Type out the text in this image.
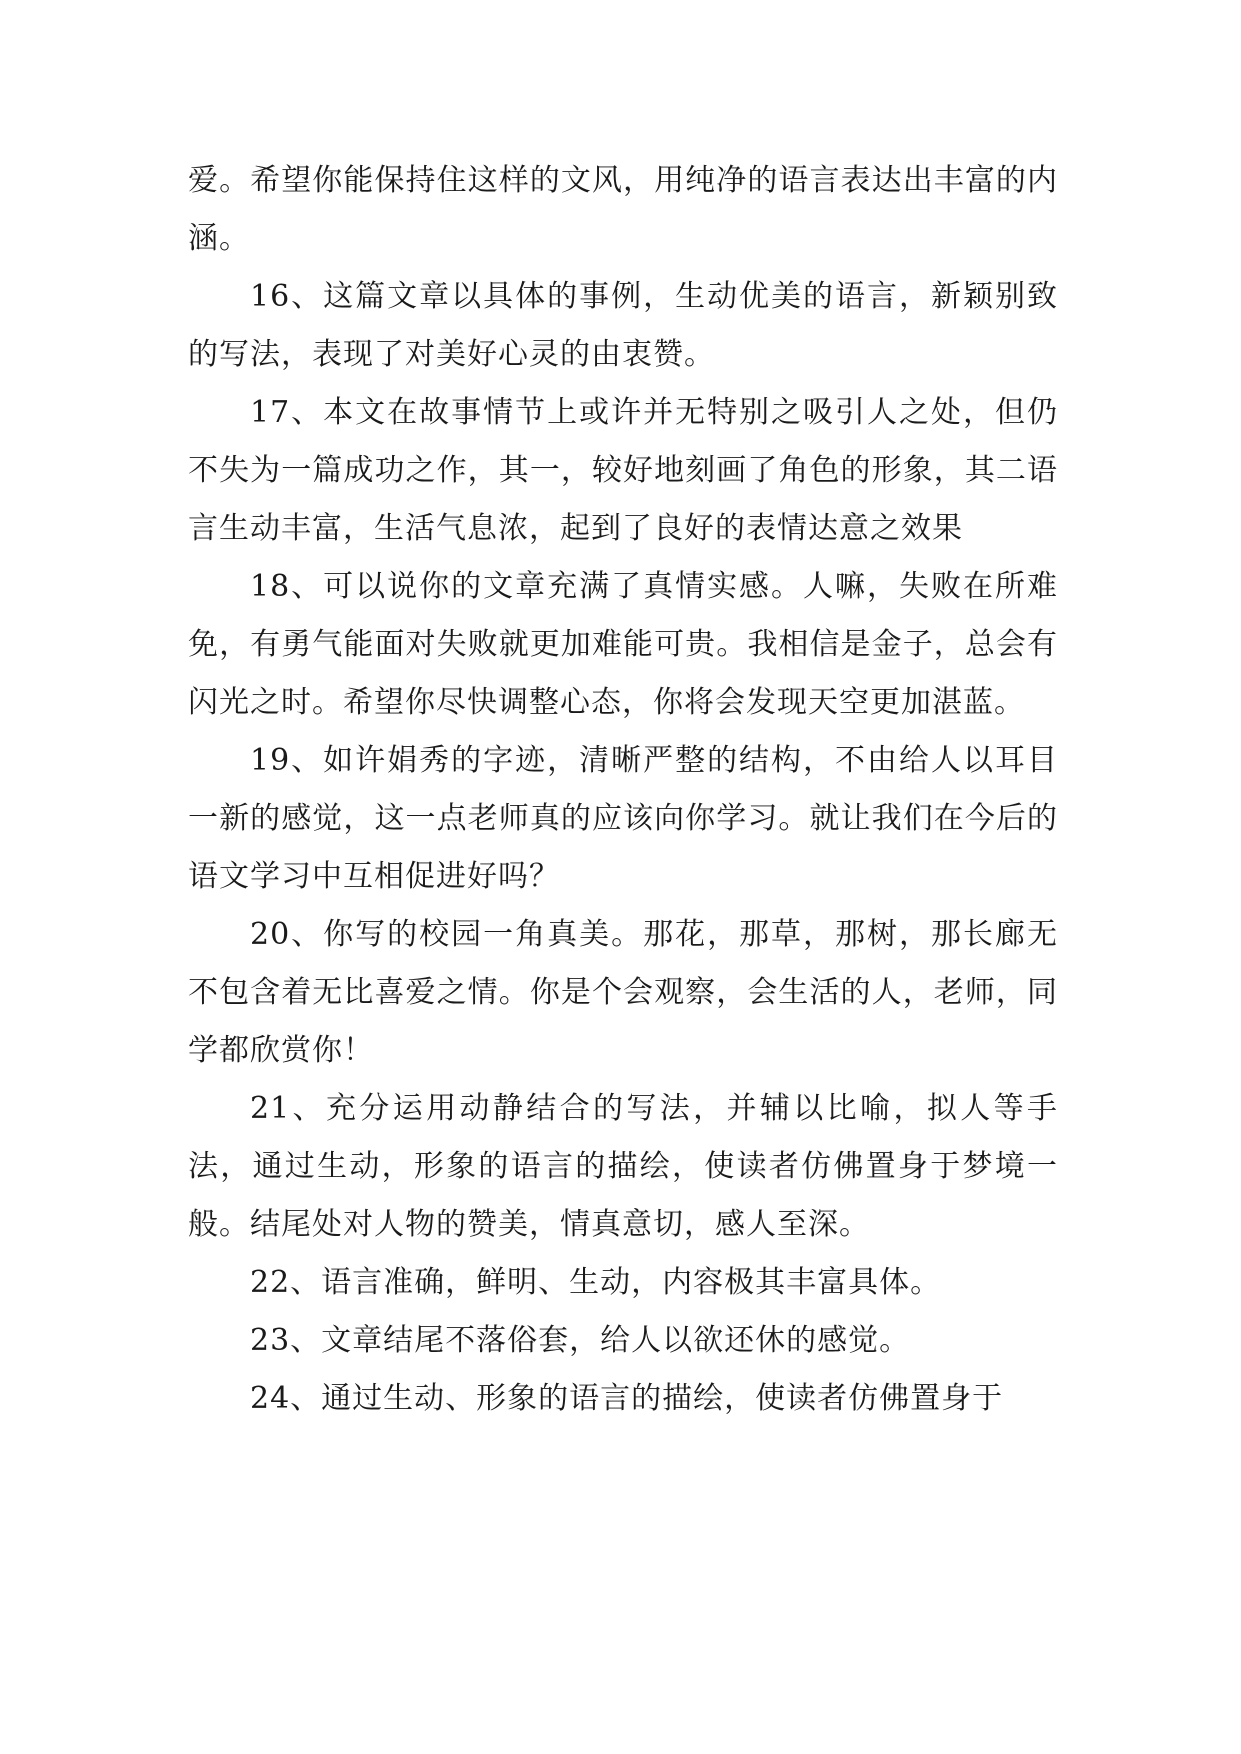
爱。希望你能保持住这样的文风，用纯净的语言表达出丰富的内涵。

16、这篇文章以具体的事例，生动优美的语言，新颖别致的写法，表现了对美好心灵的由衷赞。

17、本文在故事情节上或许并无特别之吸引人之处，但仍不失为一篇成功之作，其一，较好地刻画了角色的形象，其二语言生动丰富，生活气息浓，起到了良好的表情达意之效果

18、可以说你的文章充满了真情实感。人嘛，失败在所难免，有勇气能面对失败就更加难能可贵。我相信是金子，总会有闪光之时。希望你尽快调整心态，你将会发现天空更加湛蓝。

19、如许娟秀的字迹，清晰严整的结构，不由给人以耳目一新的感觉，这一点老师真的应该向你学习。就让我们在今后的语文学习中互相促进好吗？

20、你写的校园一角真美。那花，那草，那树，那长廊无不包含着无比喜爱之情。你是个会观察，会生活的人，老师，同学都欣赏你！

21、充分运用动静结合的写法，并辅以比喻，拟人等手法，通过生动，形象的语言的描绘，使读者仿佛置身于梦境一般。结尾处对人物的赞美，情真意切，感人至深。

22、语言准确，鲜明、生动，内容极其丰富具体。

23、文章结尾不落俗套，给人以欲还休的感觉。

24、通过生动、形象的语言的描绘，使读者仿佛置身于
